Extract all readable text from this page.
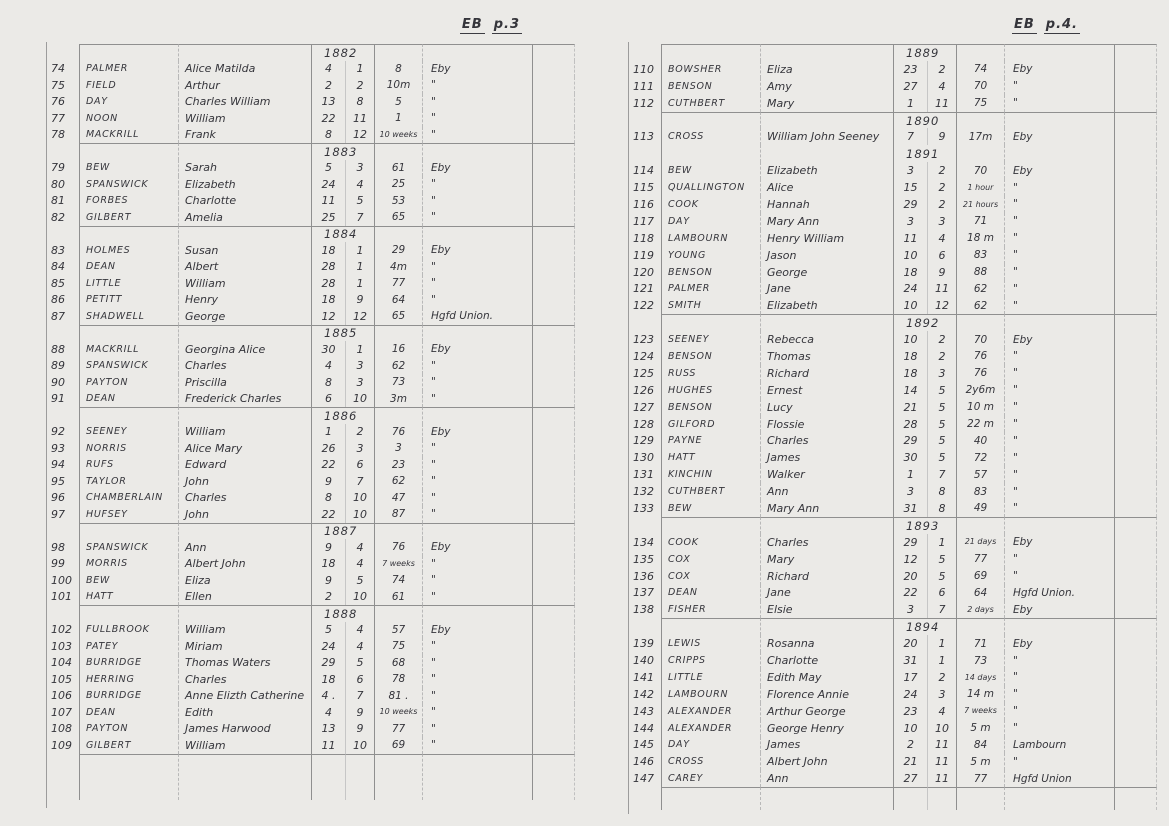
EB p.3
1882
74	PALMER	Alice Matilda	4	1	8	Eby
75	FIELD	Arthur	2	2	10m	"
76	DAY	Charles William	13	8	5	"
77	NOON	William	22	11	1	"
78	MACKRILL	Frank	8	12	10 weeks	"
1883
79	BEW	Sarah	5	3	61	Eby
80	SPANSWICK	Elizabeth	24	4	25	"
81	FORBES	Charlotte	11	5	53	"
82	GILBERT	Amelia	25	7	65	"
1884
83	HOLMES	Susan	18	1	29	Eby
84	DEAN	Albert	28	1	4m	"
85	LITTLE	William	28	1	77	"
86	PETITT	Henry	18	9	64	"
87	SHADWELL	George	12	12	65	Hgfd Union.
1885
88	MACKRILL	Georgina Alice	30	1	16	Eby
89	SPANSWICK	Charles	4	3	62	"
90	PAYTON	Priscilla	8	3	73	"
91	DEAN	Frederick Charles	6	10	3m	"
1886
92	SEENEY	William	1	2	76	Eby
93	NORRIS	Alice Mary	26	3	3	"
94	RUFS	Edward	22	6	23	"
95	TAYLOR	John	9	7	62	"
96	CHAMBERLAIN	Charles	8	10	47	"
97	HUFSEY	John	22	10	87	"
1887
98	SPANSWICK	Ann	9	4	76	Eby
99	MORRIS	Albert John	18	4	7 weeks	"
100	BEW	Eliza	9	5	74	"
101	HATT	Ellen	2	10	61	"
1888
102	FULLBROOK	William	5	4	57	Eby
103	PATEY	Miriam	24	4	75	"
104	BURRIDGE	Thomas Waters	29	5	68	"
105	HERRING	Charles	18	6	78	"
106	BURRIDGE	Anne Elizth Catherine	4 .	7	81 .	"
107	DEAN	Edith	4	9	10 weeks	"
108	PAYTON	James Harwood	13	9	77	"
109	GILBERT	William	11	10	69	"
EB p.4.
1889
110	BOWSHER	Eliza	23	2	74	Eby
111	BENSON	Amy	27	4	70	"
112	CUTHBERT	Mary	1	11	75	"
1890
113	CROSS	William John Seeney	7	9	17m	Eby
1891
114	BEW	Elizabeth	3	2	70	Eby
115	QUALLINGTON	Alice	15	2	1 hour	"
116	COOK	Hannah	29	2	21 hours	"
117	DAY	Mary Ann	3	3	71	"
118	LAMBOURN	Henry William	11	4	18 m	"
119	YOUNG	Jason	10	6	83	"
120	BENSON	George	18	9	88	"
121	PALMER	Jane	24	11	62	"
122	SMITH	Elizabeth	10	12	62	"
1892
123	SEENEY	Rebecca	10	2	70	Eby
124	BENSON	Thomas	18	2	76	"
125	RUSS	Richard	18	3	76	"
126	HUGHES	Ernest	14	5	2y6m	"
127	BENSON	Lucy	21	5	10 m	"
128	GILFORD	Flossie	28	5	22 m	"
129	PAYNE	Charles	29	5	40	"
130	HATT	James	30	5	72	"
131	KINCHIN	Walker	1	7	57	"
132	CUTHBERT	Ann	3	8	83	"
133	BEW	Mary Ann	31	8	49	"
1893
134	COOK	Charles	29	1	21 days	Eby
135	COX	Mary	12	5	77	"
136	COX	Richard	20	5	69	"
137	DEAN	Jane	22	6	64	Hgfd Union.
138	FISHER	Elsie	3	7	2 days	Eby
1894
139	LEWIS	Rosanna	20	1	71	Eby
140	CRIPPS	Charlotte	31	1	73	"
141	LITTLE	Edith May	17	2	14 days	"
142	LAMBOURN	Florence Annie	24	3	14 m	"
143	ALEXANDER	Arthur George	23	4	7 weeks	"
144	ALEXANDER	George Henry	10	10	5 m	"
145	DAY	James	2	11	84	Lambourn
146	CROSS	Albert John	21	11	5 m	"
147	CAREY	Ann	27	11	77	Hgfd Union
